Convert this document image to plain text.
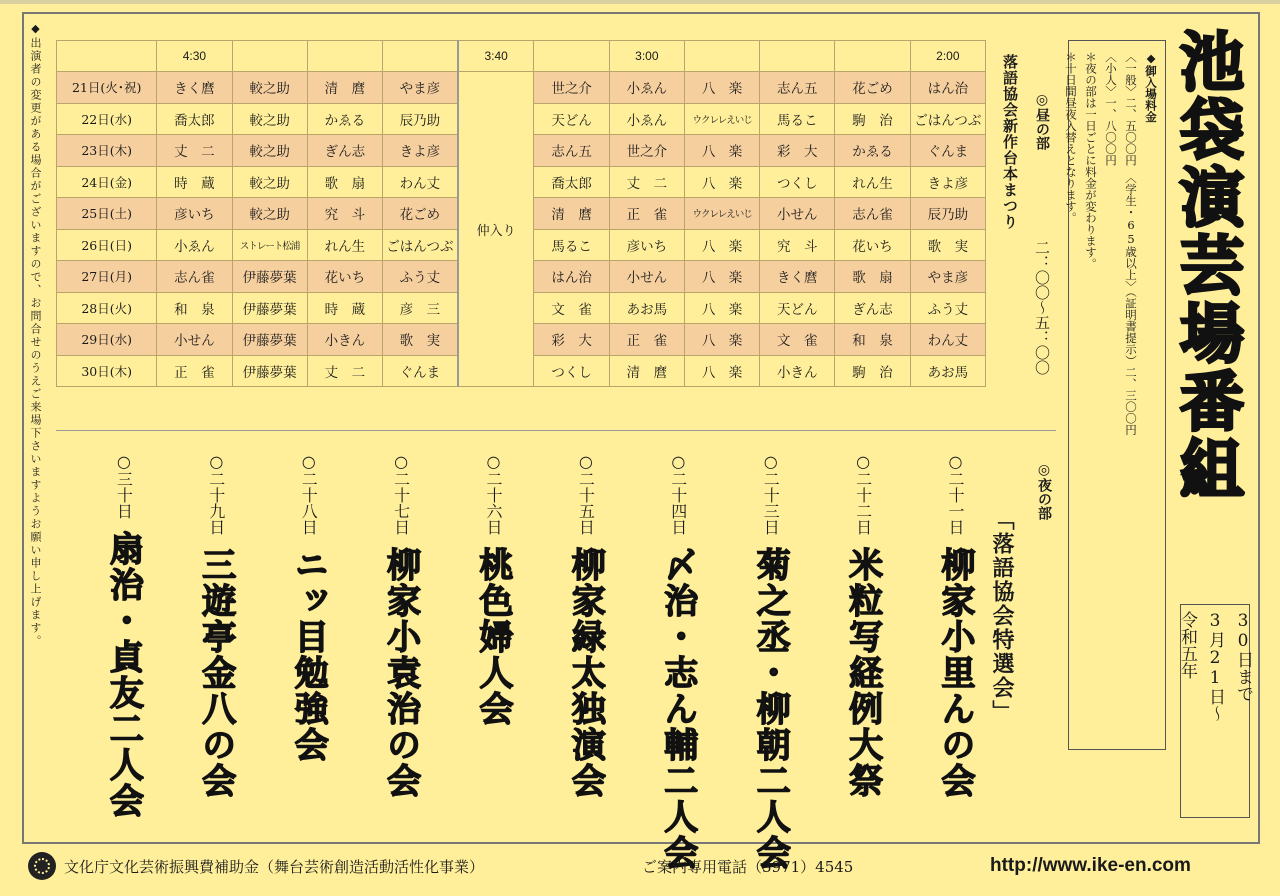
◆出演者の変更がある場合がございますので、お問合せのうえご来場下さいますようお願い申し上げます。	池袋演芸場番組
令和五年 3月21日～ 30日まで
◆御入場料金
〈一般〉二、五〇〇円　〈学生・65歳以上〉（証明書提示）二、三〇〇円
〈小人〉一、八〇〇円
＊夜の部は一日ごとに料金が変わります。
＊十日間昼夜入替えとなります。
◎昼の部
二：〇〇～五：〇〇
落語協会新作台本まつり
	4:30				3:40		3:00				2:00
21日(火･祝)	きく麿	較之助	清　麿	やま彦	仲入り	世之介	小ゑん	八　楽	志ん五	花ごめ	はん治
22日(水)	喬太郎	較之助	かゑる	辰乃助		天どん	小ゑん	ウクレレえいじ	馬るこ	駒　治	ごはんつぶ
23日(木)	丈　二	較之助	ぎん志	きよ彦		志ん五	世之介	八　楽	彩　大	かゑる	ぐんま
24日(金)	時　蔵	較之助	歌　扇	わん丈		喬太郎	丈　二	八　楽	つくし	れん生	きよ彦
25日(土)	彦いち	較之助	究　斗	花ごめ		清　麿	正　雀	ウクレレえいじ	小せん	志ん雀	辰乃助
26日(日)	小ゑん	ストレート松浦	れん生	ごはんつぶ		馬るこ	彦いち	八　楽	究　斗	花いち	歌　実
27日(月)	志ん雀	伊藤夢葉	花いち	ふう丈		はん治	小せん	八　楽	きく麿	歌　扇	やま彦
28日(火)	和　泉	伊藤夢葉	時　蔵	彦　三		文　雀	あお馬	八　楽	天どん	ぎん志	ふう丈
29日(水)	小せん	伊藤夢葉	小きん	歌　実		彩　大	正　雀	八　楽	文　雀	和　泉	わん丈
30日(木)	正　雀	伊藤夢葉	丈　二	ぐんま		つくし	清　麿	八　楽	小きん	駒　治	あお馬
◎夜の部
「落語協会特選会」
○二十一日
柳家小里んの会
○二十二日
米粒写経例大祭
○二十三日
菊之丞・柳朝二人会
○二十四日
〆治・志ん輔二人会
○二十五日
柳家緑太独演会
○二十六日
桃色婦人会
○二十七日
柳家小袁治の会
○二十八日
ニッ目勉強会
○二十九日
三遊亭金八の会
○三十日
扇治・貞友二人会
文化庁文化芸術振興費補助金（舞台芸術創造活動活性化事業）	ご案内専用電話（3971）4545	http://www.ike-en.com
